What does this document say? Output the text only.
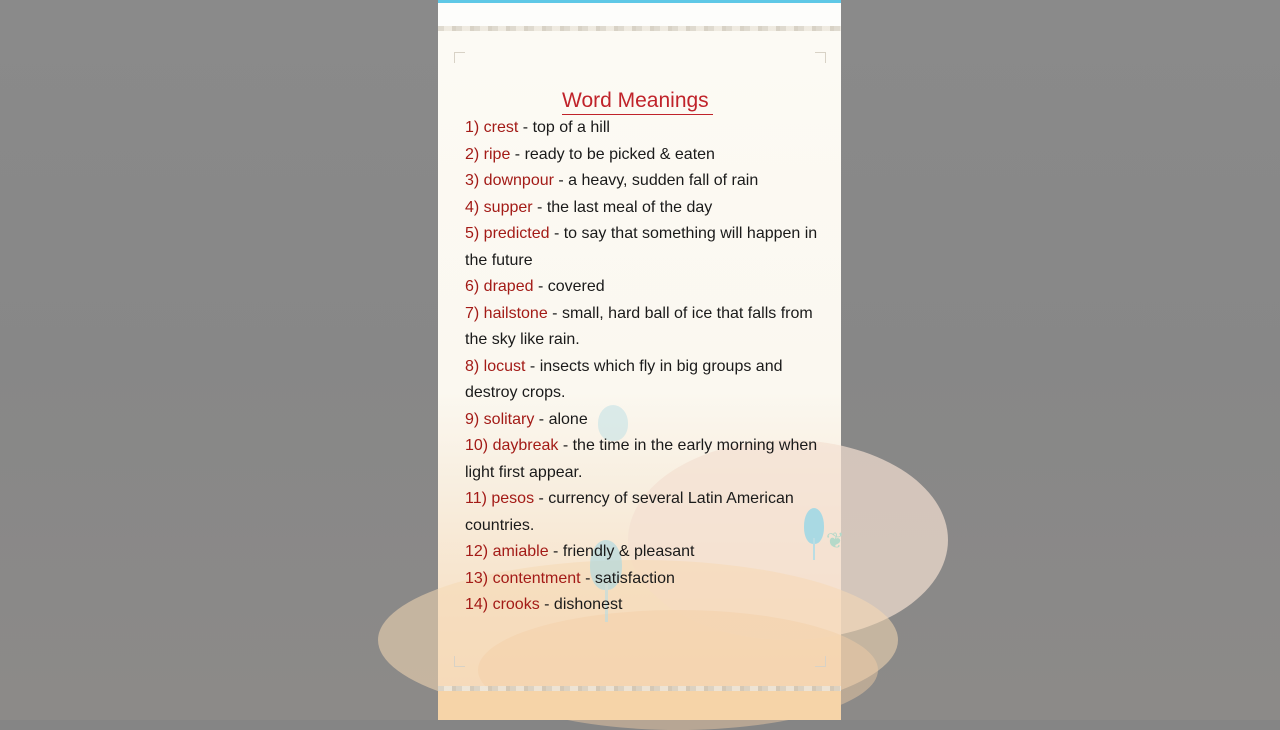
❦
Word Meanings
1) crest - top of a hill
2) ripe - ready to be picked & eaten
3) downpour - a heavy, sudden fall of rain
4) supper - the last meal of the day
5) predicted - to say that something will happen in the future
6) draped - covered
7) hailstone - small, hard ball of ice that falls from the sky like rain.
8) locust - insects which fly in big groups and destroy crops.
9) solitary - alone
10) daybreak - the time in the early morning when light first appear.
11) pesos - currency of several Latin American countries.
12) amiable - friendly & pleasant
13) contentment - satisfaction
14) crooks - dishonest
